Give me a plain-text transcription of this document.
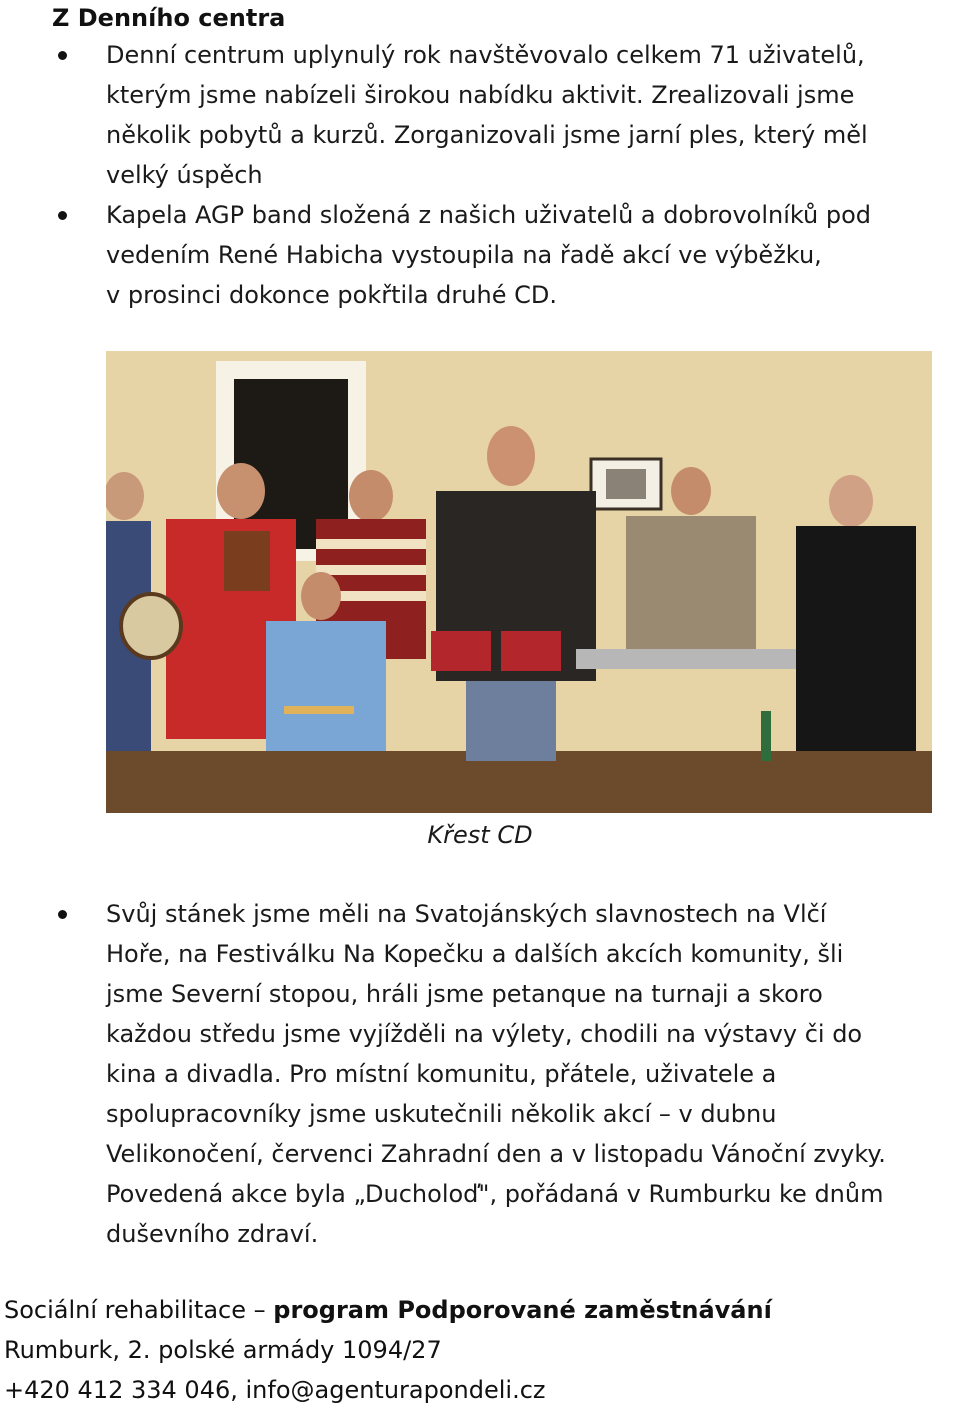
Z Denního centra
Denní centrum uplynulý rok navštěvovalo celkem 71 uživatelů,
kterým jsme nabízeli širokou nabídku aktivit. Zrealizovali jsme
několik pobytů a kurzů. Zorganizovali jsme jarní ples, který měl
velký úspěch
Kapela AGP band složená z našich uživatelů a dobrovolníků pod
vedením René Habicha vystoupila na řadě akcí ve výběžku,
v prosinci dokonce pokřtila druhé CD.
Křest CD
Svůj stánek jsme měli na Svatojánských slavnostech na Vlčí
Hoře, na Festiválku Na Kopečku a dalších akcích komunity, šli
jsme Severní stopou, hráli jsme petanque na turnaji a skoro
každou středu jsme vyjížděli na výlety, chodili na výstavy či do
kina a divadla. Pro místní komunitu, přátele, uživatele a
spolupracovníky jsme uskutečnili několik akcí – v dubnu
Velikonočení, červenci Zahradní den a v listopadu Vánoční zvyky.
Povedená akce byla „Ducholoď", pořádaná v Rumburku ke dnům
duševního zdraví.
Sociální rehabilitace – program Podporované zaměstnávání
Rumburk, 2. polské armády 1094/27
+420 412 334 046, info@agenturapondeli.cz
